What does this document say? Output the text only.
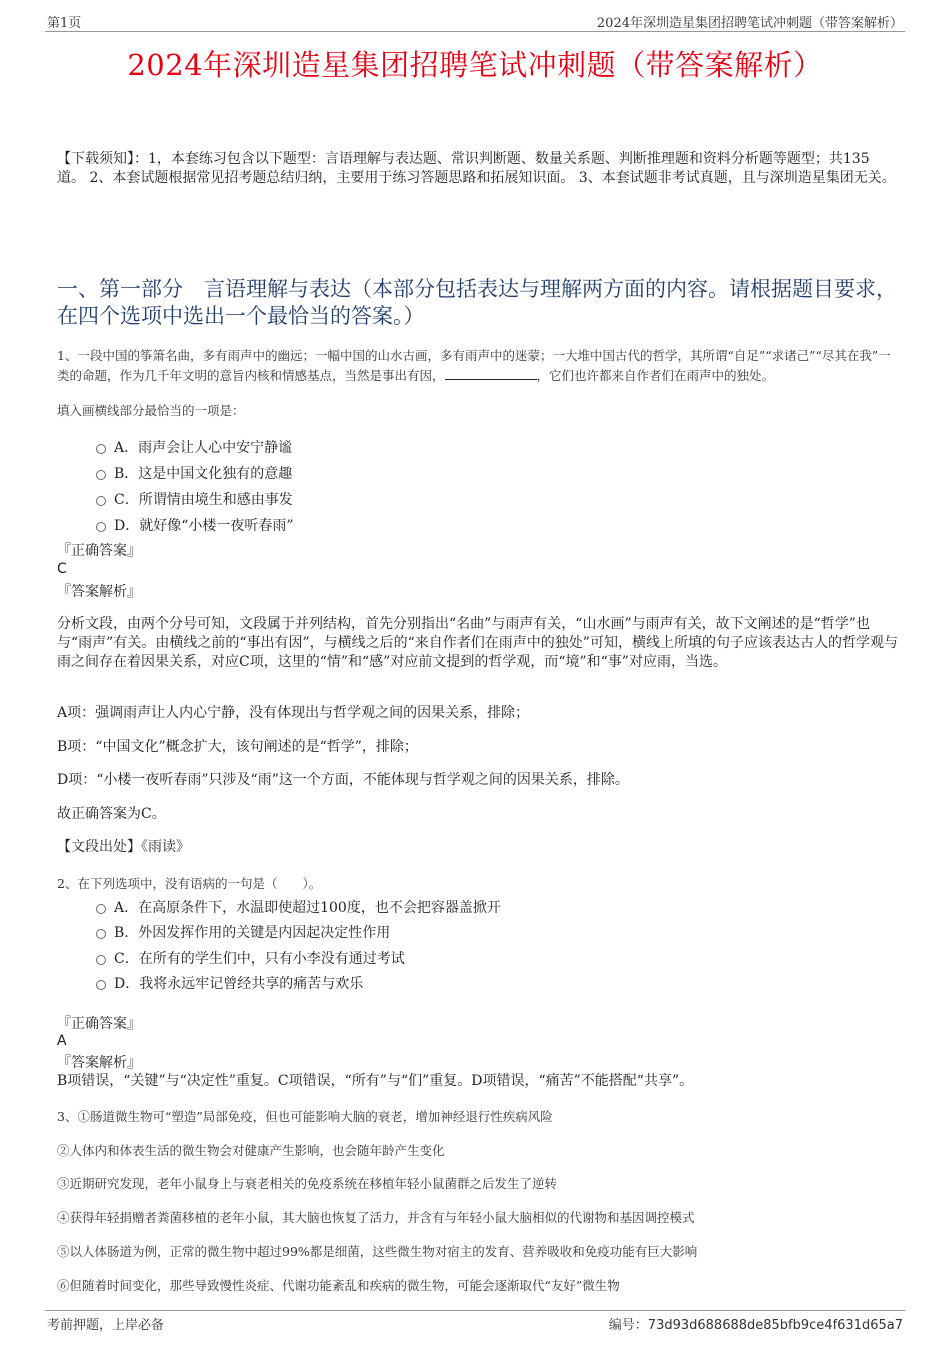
第1页	2024年深圳造星集团招聘笔试冲刺题（带答案解析）
2024年深圳造星集团招聘笔试冲刺题（带答案解析）
【下载须知】：1，本套练习包含以下题型：言语理解与表达题、常识判断题、数量关系题、判断推理题和资料分析题等题型；共135道。 2、本套试题根据常见招考题总结归纳，主要用于练习答题思路和拓展知识面。 3、本套试题非考试真题，且与深圳造星集团无关。
一、第一部分　言语理解与表达（本部分包括表达与理解两方面的内容。请根据题目要求，在四个选项中选出一个最恰当的答案。）
1、一段中国的筝箫名曲，多有雨声中的幽远；一幅中国的山水古画，多有雨声中的迷蒙；一大堆中国古代的哲学，其所谓“自足”“求诸己”“尽其在我”一类的命题，作为几千年文明的意旨内核和情感基点，当然是事出有因，	，它们也许都来自作者们在雨声中的独处。
填入画横线部分最恰当的一项是：
A．雨声会让人心中安宁静谧
B．这是中国文化独有的意趣
C．所谓情由境生和感由事发
D．就好像“小楼一夜听春雨”
『正确答案』
C
『答案解析』
分析文段，由两个分号可知，文段属于并列结构，首先分别指出“名曲”与雨声有关，“山水画”与雨声有关，故下文阐述的是“哲学”也与“雨声”有关。由横线之前的“事出有因”，与横线之后的“来自作者们在雨声中的独处”可知，横线上所填的句子应该表达古人的哲学观与雨之间存在着因果关系，对应C项，这里的“情”和“感”对应前文提到的哲学观，而“境”和“事”对应雨，当选。
A项：强调雨声让人内心宁静，没有体现出与哲学观之间的因果关系，排除；
B项：“中国文化”概念扩大，该句阐述的是“哲学”，排除；
D项：“小楼一夜听春雨”只涉及“雨”这一个方面，不能体现与哲学观之间的因果关系，排除。
故正确答案为C。
【文段出处】《雨读》
2、在下列选项中，没有语病的一句是（　　）。
A．在高原条件下，水温即使超过100度，也不会把容器盖掀开
B．外因发挥作用的关键是内因起决定性作用
C．在所有的学生们中，只有小李没有通过考试
D．我将永远牢记曾经共享的痛苦与欢乐
『正确答案』
A
『答案解析』
B项错误，“关键”与“决定性”重复。C项错误，“所有”与“们”重复。D项错误，“痛苦”不能搭配“共享”。
3、①肠道微生物可“塑造”局部免疫，但也可能影响大脑的衰老，增加神经退行性疾病风险
②人体内和体表生活的微生物会对健康产生影响，也会随年龄产生变化
③近期研究发现，老年小鼠身上与衰老相关的免疫系统在移植年轻小鼠菌群之后发生了逆转
④获得年轻捐赠者粪菌移植的老年小鼠，其大脑也恢复了活力，并含有与年轻小鼠大脑相似的代谢物和基因调控模式
⑤以人体肠道为例，正常的微生物中超过99%都是细菌，这些微生物对宿主的发育、营养吸收和免疫功能有巨大影响
⑥但随着时间变化，那些导致慢性炎症、代谢功能紊乱和疾病的微生物，可能会逐渐取代“友好”微生物
考前押题，上岸必备	编号：73d93d688688de85bfb9ce4f631d65a7
